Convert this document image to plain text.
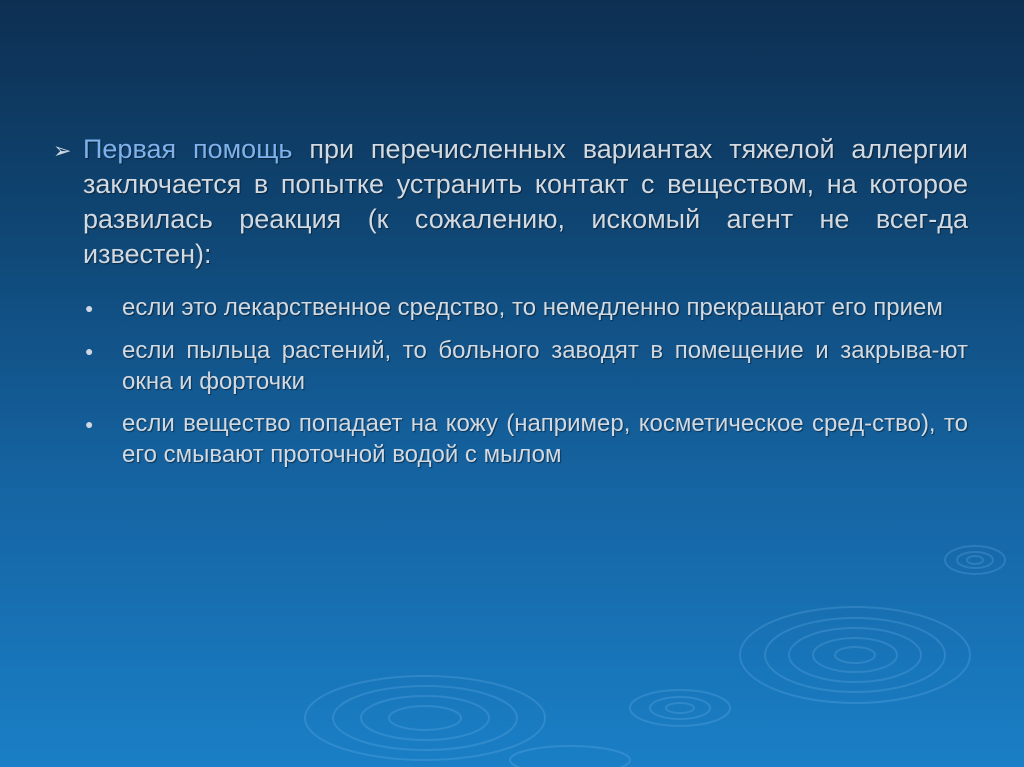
➢ Первая помощь при перечисленных вариантах тяжелой аллергии заключается в попытке устранить контакт с веществом, на которое развилась реакция (к сожалению, искомый агент не всег-да известен):
●	если это лекарственное средство, то немедленно прекращают его прием
●	если пыльца растений, то больного заводят в помещение и закрыва-ют окна и форточки
●	если вещество попадает на кожу (например, косметическое сред-ство), то его смывают проточной водой с мылом
